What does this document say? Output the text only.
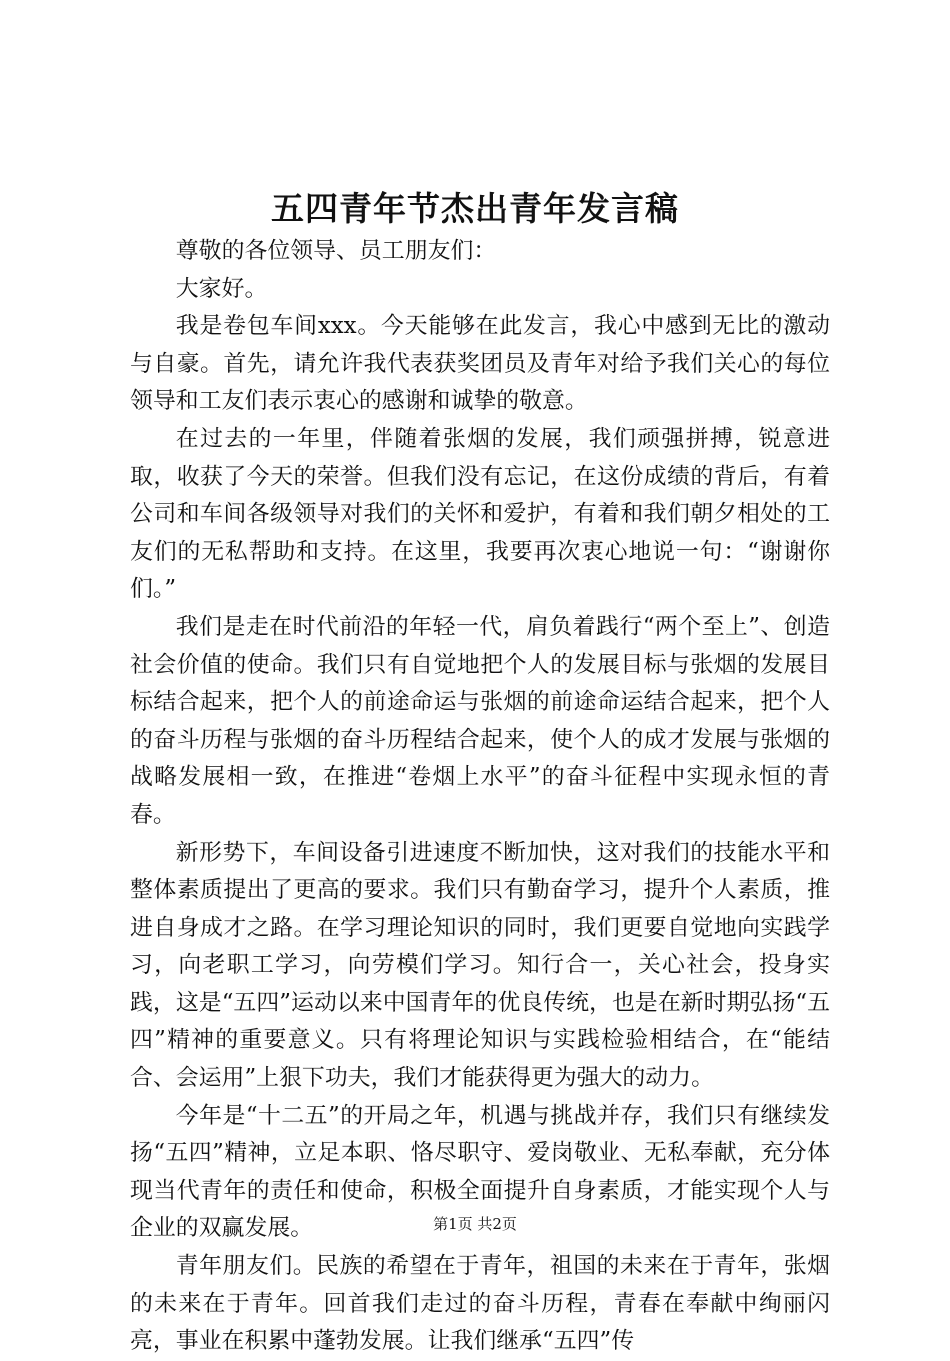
五四青年节杰出青年发言稿

尊敬的各位领导、员工朋友们：

大家好。

我是卷包车间xxx。今天能够在此发言，我心中感到无比的激动与自豪。首先，请允许我代表获奖团员及青年对给予我们关心的每位领导和工友们表示衷心的感谢和诚挚的敬意。

在过去的一年里，伴随着张烟的发展，我们顽强拼搏，锐意进取，收获了今天的荣誉。但我们没有忘记，在这份成绩的背后，有着公司和车间各级领导对我们的关怀和爱护，有着和我们朝夕相处的工友们的无私帮助和支持。在这里，我要再次衷心地说一句：“谢谢你们。”

我们是走在时代前沿的年轻一代，肩负着践行“两个至上”、创造社会价值的使命。我们只有自觉地把个人的发展目标与张烟的发展目标结合起来，把个人的前途命运与张烟的前途命运结合起来，把个人的奋斗历程与张烟的奋斗历程结合起来，使个人的成才发展与张烟的战略发展相一致，在推进“卷烟上水平”的奋斗征程中实现永恒的青春。

新形势下，车间设备引进速度不断加快，这对我们的技能水平和整体素质提出了更高的要求。我们只有勤奋学习，提升个人素质，推进自身成才之路。在学习理论知识的同时，我们更要自觉地向实践学习，向老职工学习，向劳模们学习。知行合一，关心社会，投身实践，这是“五四”运动以来中国青年的优良传统，也是在新时期弘扬“五四”精神的重要意义。只有将理论知识与实践检验相结合，在“能结合、会运用”上狠下功夫，我们才能获得更为强大的动力。

今年是“十二五”的开局之年，机遇与挑战并存，我们只有继续发扬“五四”精神，立足本职、恪尽职守、爱岗敬业、无私奉献，充分体现当代青年的责任和使命，积极全面提升自身素质，才能实现个人与企业的双赢发展。

青年朋友们。民族的希望在于青年，祖国的未来在于青年，张烟的未来在于青年。回首我们走过的奋斗历程，青春在奉献中绚丽闪亮，事业在积累中蓬勃发展。让我们继承“五四”传

第1页 共2页
